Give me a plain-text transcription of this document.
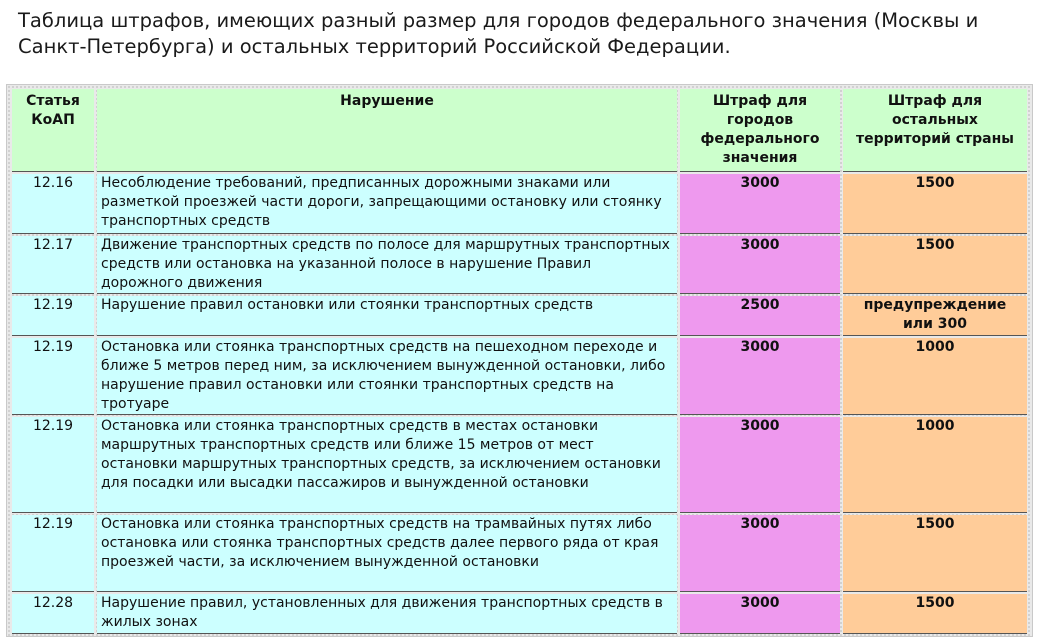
Таблица штрафов, имеющих разный размер для городов федерального значения (Москвы и Санкт-Петербурга) и остальных территорий Российской Федерации.
Статья КоАП	Нарушение	Штраф для городов федерального значения	Штраф для остальных территорий страны
12.16	Несоблюдение требований, предписанных дорожными знаками или разметкой проезжей части дороги, запрещающими остановку или стоянку транспортных средств	3000	1500
12.17	Движение транспортных средств по полосе для маршрутных транспортных средств или остановка на указанной полосе в нарушение Правил дорожного движения	3000	1500
12.19	Нарушение правил остановки или стоянки транспортных средств	2500	предупреждение или 300
12.19	Остановка или стоянка транспортных средств на пешеходном переходе и ближе 5 метров перед ним, за исключением вынужденной остановки, либо нарушение правил остановки или стоянки транспортных средств на тротуаре	3000	1000
12.19	Остановка или стоянка транспортных средств в местах остановки маршрутных транспортных средств или ближе 15 метров от мест остановки маршрутных транспортных средств, за исключением остановки для посадки или высадки пассажиров и вынужденной остановки	3000	1000
12.19	Остановка или стоянка транспортных средств на трамвайных путях либо остановка или стоянка транспортных средств далее первого ряда от края проезжей части, за исключением вынужденной остановки	3000	1500
12.28	Нарушение правил, установленных для движения транспортных средств в жилых зонах	3000	1500
